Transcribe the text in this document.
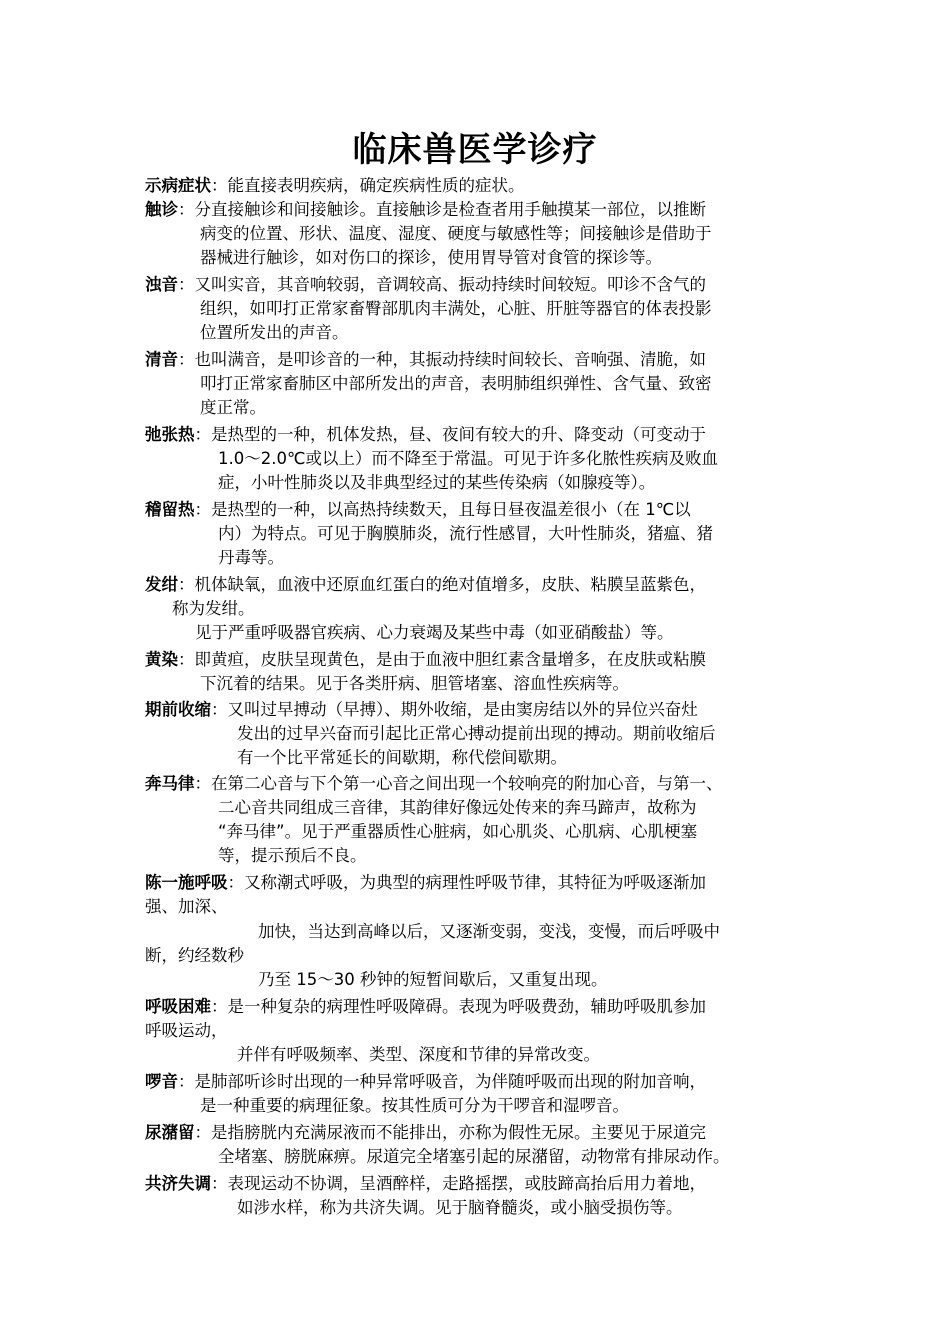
临床兽医学诊疗
示病症状：能直接表明疾病，确定疾病性质的症状。
触诊：分直接触诊和间接触诊。直接触诊是检查者用手触摸某一部位，以推断
病变的位置、形状、温度、湿度、硬度与敏感性等；间接触诊是借助于
器械进行触诊，如对伤口的探诊，使用胃导管对食管的探诊等。
浊音：又叫实音，其音响较弱，音调较高、振动持续时间较短。叩诊不含气的
组织，如叩打正常家畜臀部肌肉丰满处，心脏、肝脏等器官的体表投影
位置所发出的声音。
清音：也叫满音，是叩诊音的一种，其振动持续时间较长、音响强、清脆，如
叩打正常家畜肺区中部所发出的声音，表明肺组织弹性、含气量、致密
度正常。
弛张热：是热型的一种，机体发热，昼、夜间有较大的升、降变动（可变动于
1.0～2.0℃或以上）而不降至于常温。可见于许多化脓性疾病及败血
症，小叶性肺炎以及非典型经过的某些传染病（如腺疫等）。
稽留热：是热型的一种，以高热持续数天，且每日昼夜温差很小（在 1℃以
内）为特点。可见于胸膜肺炎，流行性感冒，大叶性肺炎，猪瘟、猪
丹毒等。
发绀：机体缺氧，血液中还原血红蛋白的绝对值增多，皮肤、粘膜呈蓝紫色，
称为发绀。
见于严重呼吸器官疾病、心力衰竭及某些中毒（如亚硝酸盐）等。
黄染：即黄疸，皮肤呈现黄色，是由于血液中胆红素含量增多，在皮肤或粘膜
下沉着的结果。见于各类肝病、胆管堵塞、溶血性疾病等。
期前收缩：又叫过早搏动（早搏）、期外收缩，是由窦房结以外的异位兴奋灶
发出的过早兴奋而引起比正常心搏动提前出现的搏动。期前收缩后
有一个比平常延长的间歇期，称代偿间歇期。
奔马律：在第二心音与下个第一心音之间出现一个较响亮的附加心音，与第一、
二心音共同组成三音律，其韵律好像远处传来的奔马蹄声，故称为
“奔马律”。见于严重器质性心脏病，如心肌炎、心肌病、心肌梗塞
等，提示预后不良。
陈一施呼吸：又称潮式呼吸，为典型的病理性呼吸节律，其特征为呼吸逐渐加
强、加深、
加快，当达到高峰以后，又逐渐变弱，变浅，变慢，而后呼吸中
断，约经数秒
乃至 15～30 秒钟的短暂间歇后，又重复出现。
呼吸困难：是一种复杂的病理性呼吸障碍。表现为呼吸费劲，辅助呼吸肌参加
呼吸运动，
并伴有呼吸频率、类型、深度和节律的异常改变。
啰音：是肺部听诊时出现的一种异常呼吸音，为伴随呼吸而出现的附加音响，
是一种重要的病理征象。按其性质可分为干啰音和湿啰音。
尿潴留：是指膀胱内充满尿液而不能排出，亦称为假性无尿。主要见于尿道完
全堵塞、膀胱麻痹。尿道完全堵塞引起的尿潴留，动物常有排尿动作。
共济失调：表现运动不协调，呈酒醉样，走路摇摆，或肢蹄高抬后用力着地，
如涉水样，称为共济失调。见于脑脊髓炎，或小脑受损伤等。
